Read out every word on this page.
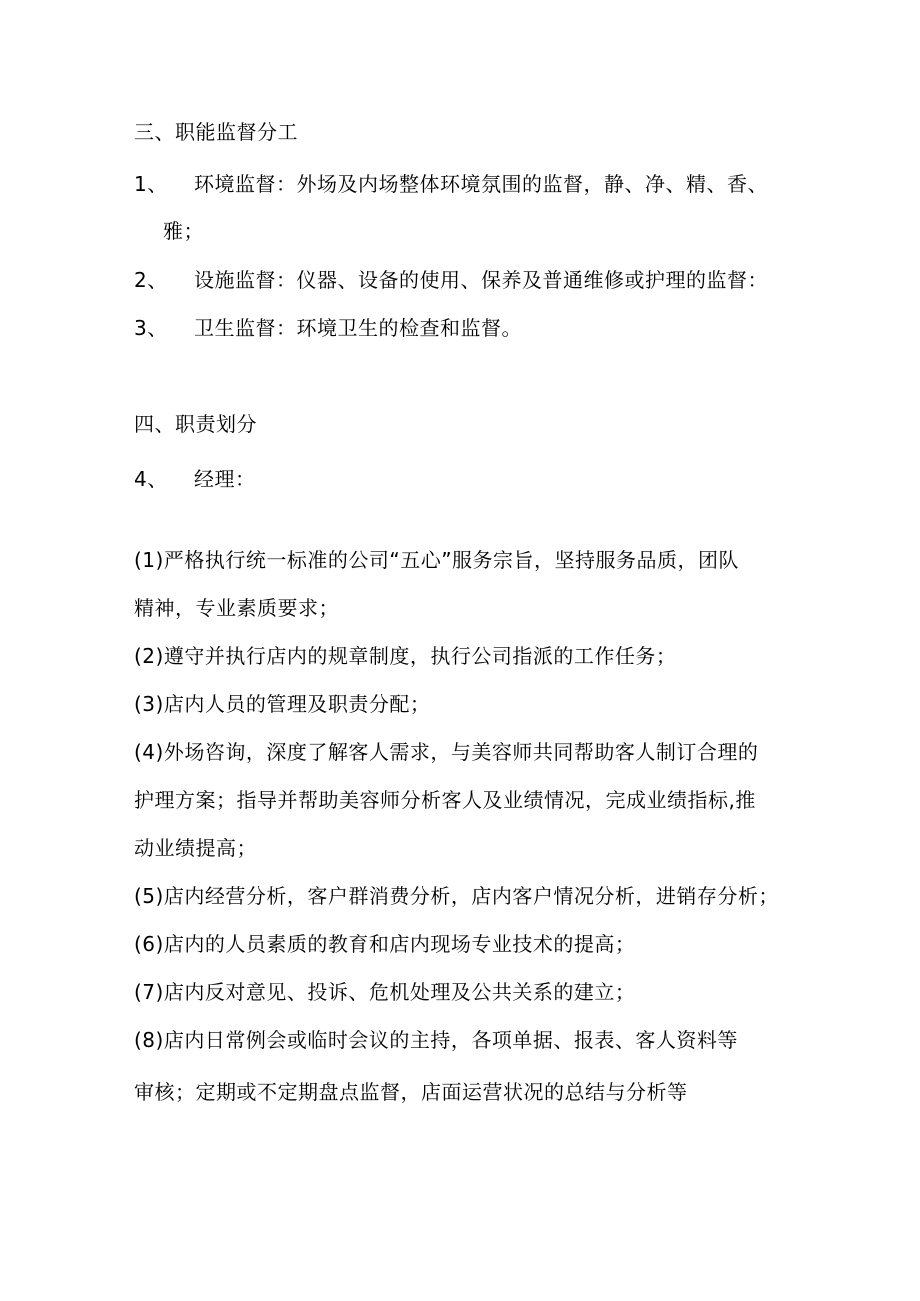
三、职能监督分工
1、 环境监督：外场及内场整体环境氛围的监督，静、净、精、香、
雅；
2、 设施监督：仪器、设备的使用、保养及普通维修或护理的监督：
3、 卫生监督：环境卫生的检查和监督。
四、职责划分
4、 经理：
(1)严格执行统一标准的公司“五心”服务宗旨，坚持服务品质，团队
精神，专业素质要求；
(2)遵守并执行店内的规章制度，执行公司指派的工作任务；
(3)店内人员的管理及职责分配；
(4)外场咨询，深度了解客人需求，与美容师共同帮助客人制订合理的
护理方案；指导并帮助美容师分析客人及业绩情况，完成业绩指标,推
动业绩提高；
(5)店内经营分析，客户群消费分析，店内客户情况分析，进销存分析；
(6)店内的人员素质的教育和店内现场专业技术的提高；
(7)店内反对意见、投诉、危机处理及公共关系的建立；
(8)店内日常例会或临时会议的主持，各项单据、报表、客人资料等
审核；定期或不定期盘点监督，店面运营状况的总结与分析等
